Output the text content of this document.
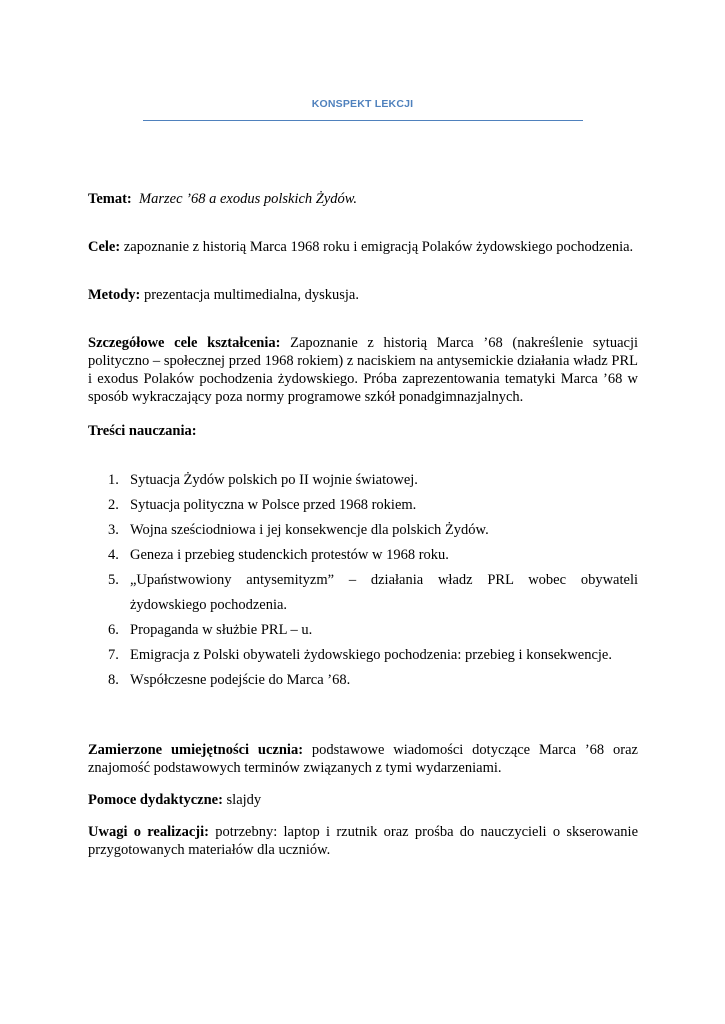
KONSPEKT LEKCJI

Temat: Marzec ’68 a exodus polskich Żydów.

Cele: zapoznanie z historią Marca 1968 roku i emigracją Polaków żydowskiego pochodzenia.

Metody: prezentacja multimedialna, dyskusja.

Szczegółowe cele kształcenia: Zapoznanie z historią Marca ’68 (nakreślenie sytuacji polityczno – społecznej przed 1968 rokiem) z naciskiem na antysemickie działania władz PRL i exodus Polaków pochodzenia żydowskiego. Próba zaprezentowania tematyki Marca ’68 w sposób wykraczający poza normy programowe szkół ponadgimnazjalnych.

Treści nauczania:

1. Sytuacja Żydów polskich po II wojnie światowej.
2. Sytuacja polityczna w Polsce przed 1968 rokiem.
3. Wojna sześciodniowa i jej konsekwencje dla polskich Żydów.
4. Geneza i przebieg studenckich protestów w 1968 roku.
5. „Upaństwowiony antysemityzm” – działania władz PRL wobec obywateli
żydowskiego pochodzenia.
6. Propaganda w służbie PRL – u.
7. Emigracja z Polski obywateli żydowskiego pochodzenia: przebieg i konsekwencje.
8. Współczesne podejście do Marca ’68.

Zamierzone umiejętności ucznia: podstawowe wiadomości dotyczące Marca ’68 oraz znajomość podstawowych terminów związanych z tymi wydarzeniami.

Pomoce dydaktyczne: slajdy

Uwagi o realizacji: potrzebny: laptop i rzutnik oraz prośba do nauczycieli o skserowanie przygotowanych materiałów dla uczniów.
